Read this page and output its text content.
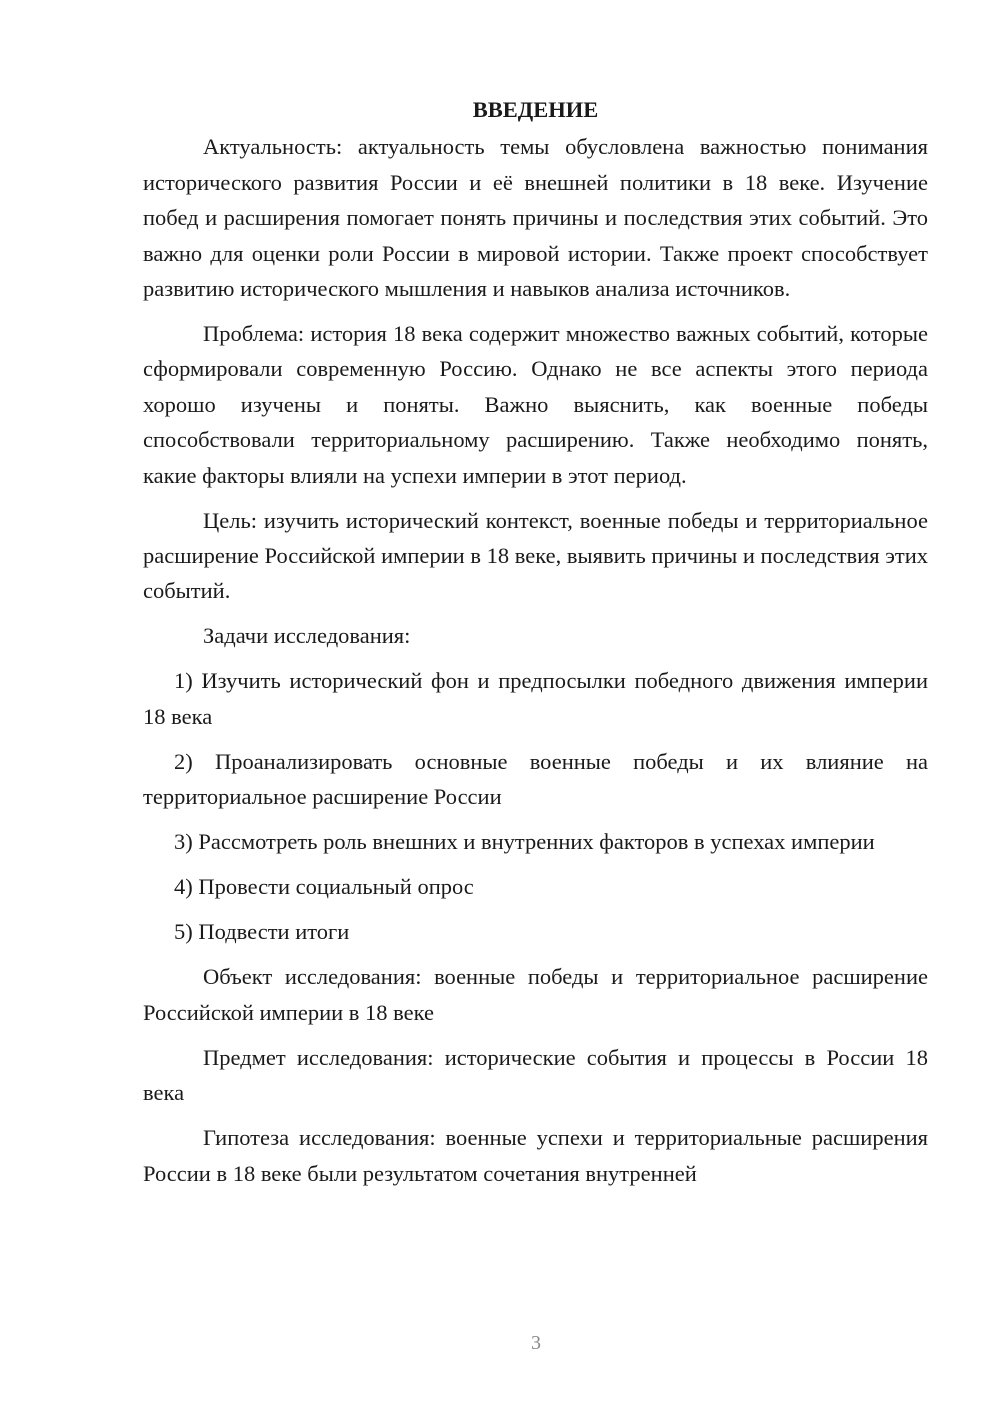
ВВЕДЕНИЕ

Актуальность: актуальность темы обусловлена важностью понимания исторического развития России и её внешней политики в 18 веке. Изучение побед и расширения помогает понять причины и последствия этих событий. Это важно для оценки роли России в мировой истории. Также проект способствует развитию исторического мышления и навыков анализа источников.

Проблема: история 18 века содержит множество важных событий, которые сформировали современную Россию. Однако не все аспекты этого периода хорошо изучены и поняты. Важно выяснить, как военные победы способствовали территориальному расширению. Также необходимо понять, какие факторы влияли на успехи империи в этот период.

Цель: изучить исторический контекст, военные победы и территориальное расширение Российской империи в 18 веке, выявить причины и последствия этих событий.

Задачи исследования:

1) Изучить исторический фон и предпосылки победного движения империи 18 века

2) Проанализировать основные военные победы и их влияние на территориальное расширение России

3) Рассмотреть роль внешних и внутренних факторов в успехах империи

4) Провести социальный опрос

5) Подвести итоги

Объект исследования: военные победы и территориальное расширение Российской империи в 18 веке

Предмет исследования: исторические события и процессы в России 18 века

Гипотеза исследования: военные успехи и территориальные расширения России в 18 веке были результатом сочетания внутренней

3
